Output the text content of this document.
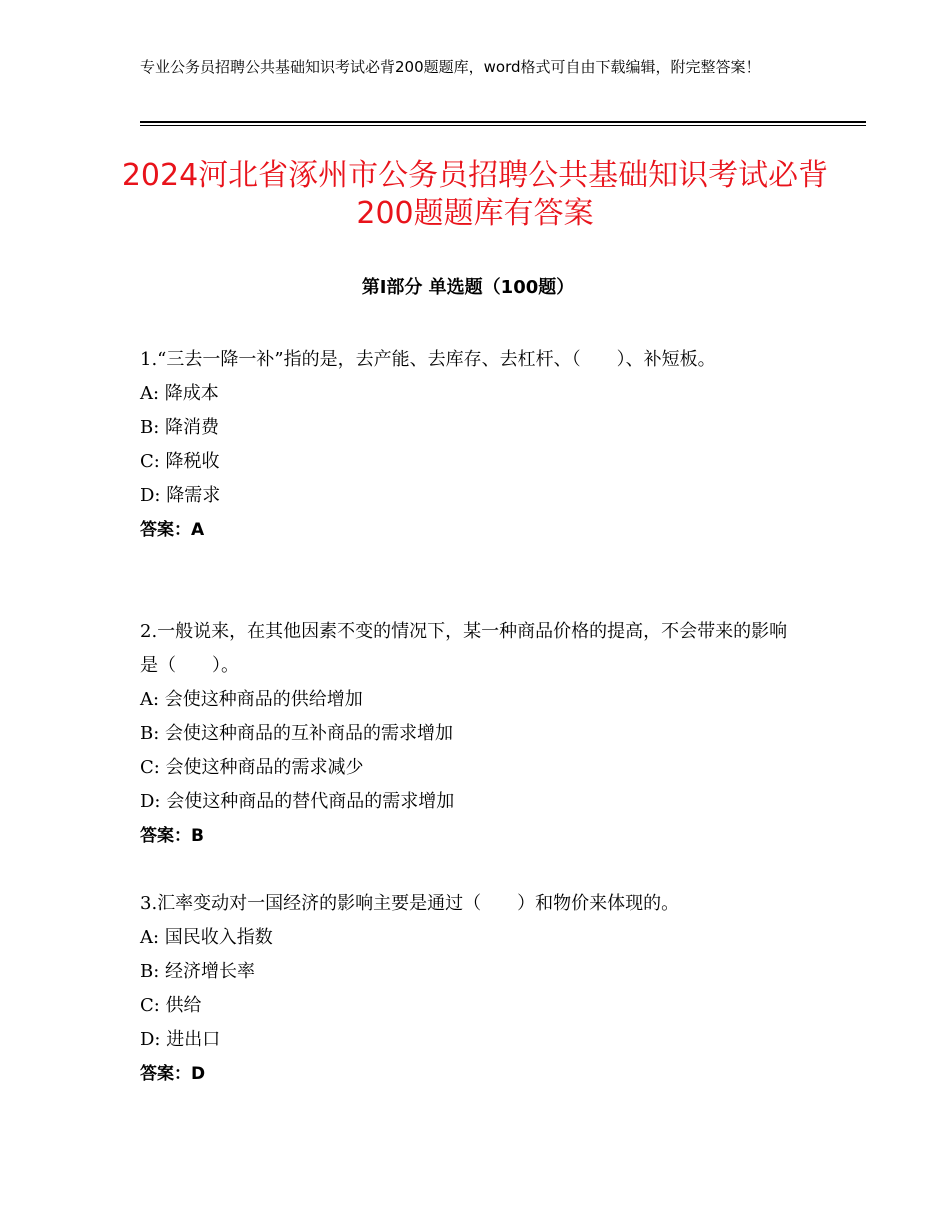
专业公务员招聘公共基础知识考试必背200题题库，word格式可自由下载编辑，附完整答案！
2024河北省涿州市公务员招聘公共基础知识考试必背200题题库有答案
第Ⅰ部分 单选题（100题）

1.“三去一降一补”指的是，去产能、去库存、去杠杆、（　　）、补短板。

A: 降成本

B: 降消费

C: 降税收

D: 降需求

答案：A

2.一般说来，在其他因素不变的情况下，某一种商品价格的提高，不会带来的影响是（　　）。

A: 会使这种商品的供给增加

B: 会使这种商品的互补商品的需求增加

C: 会使这种商品的需求减少

D: 会使这种商品的替代商品的需求增加

答案：B

3.汇率变动对一国经济的影响主要是通过（　　）和物价来体现的。

A: 国民收入指数

B: 经济增长率

C: 供给

D: 进出口

答案：D
